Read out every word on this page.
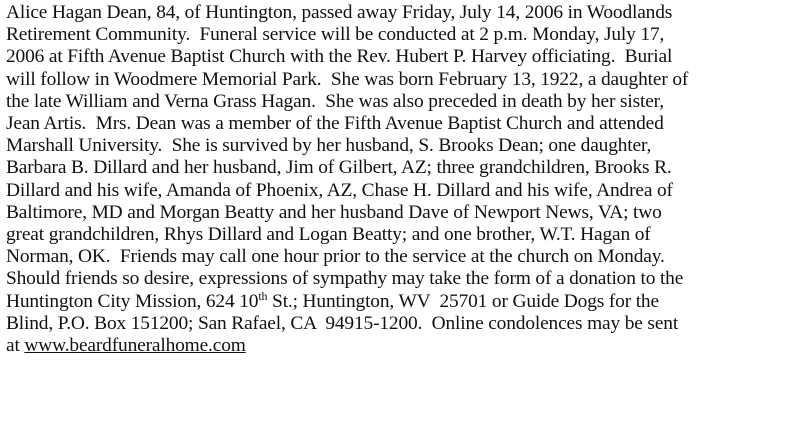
Alice Hagan Dean, 84, of Huntington, passed away Friday, July 14, 2006 in Woodlands
Retirement Community.  Funeral service will be conducted at 2 p.m. Monday, July 17,
2006 at Fifth Avenue Baptist Church with the Rev. Hubert P. Harvey officiating.  Burial
will follow in Woodmere Memorial Park.  She was born February 13, 1922, a daughter of
the late William and Verna Grass Hagan.  She was also preceded in death by her sister,
Jean Artis.  Mrs. Dean was a member of the Fifth Avenue Baptist Church and attended
Marshall University.  She is survived by her husband, S. Brooks Dean; one daughter,
Barbara B. Dillard and her husband, Jim of Gilbert, AZ; three grandchildren, Brooks R.
Dillard and his wife, Amanda of Phoenix, AZ, Chase H. Dillard and his wife, Andrea of
Baltimore, MD and Morgan Beatty and her husband Dave of Newport News, VA; two
great grandchildren, Rhys Dillard and Logan Beatty; and one brother, W.T. Hagan of
Norman, OK.  Friends may call one hour prior to the service at the church on Monday.
Should friends so desire, expressions of sympathy may take the form of a donation to the
Huntington City Mission, 624 10th St.; Huntington, WV  25701 or Guide Dogs for the
Blind, P.O. Box 151200; San Rafael, CA  94915-1200.  Online condolences may be sent
at www.beardfuneralhome.com
